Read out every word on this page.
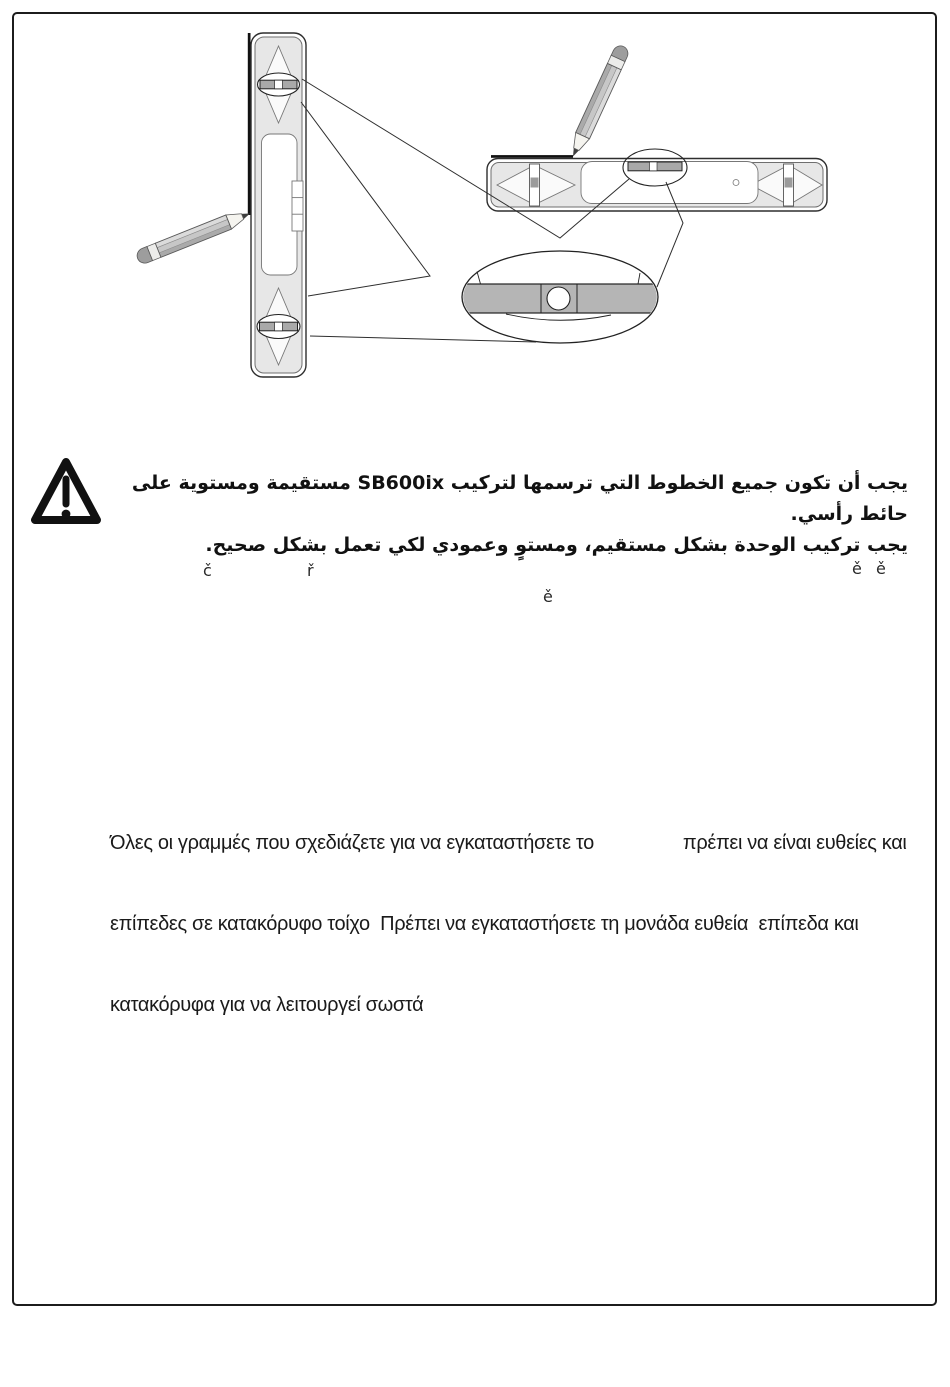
يجب أن تكون جميع الخطوط التي ترسمها لتركيب SB600ix مستقيمة ومستوية على حائط رأسي.
يجب تركيب الوحدة بشكل مستقيم، ومستوٍ وعمودي لكي تعمل بشكل صحيح.
č	ř	ě ě
ě

Όλες οι γραμμές που σχεδιάζετε για να εγκαταστήσετε το	πρέπει να είναι ευθείες και

επίπεδες σε κατακόρυφο τοίχο  Πρέπει να εγκαταστήσετε τη μονάδα ευθεία  επίπεδα και

κατακόρυφα για να λειτουργεί σωστά
